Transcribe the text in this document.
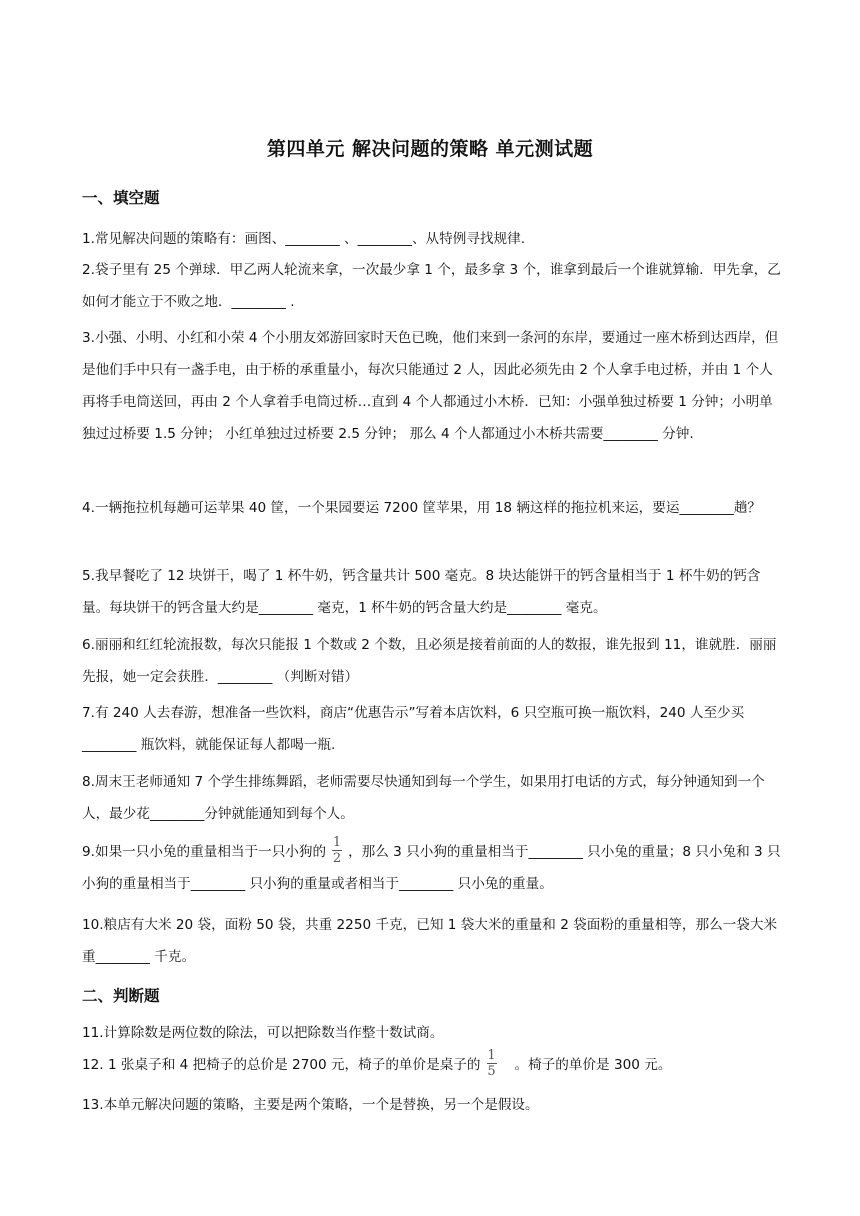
第四单元 解决问题的策略 单元测试题
一、填空题
1.常见解决问题的策略有：画图、________ 、________、从特例寻找规律.
2.袋子里有 25 个弹球．甲乙两人轮流来拿，一次最少拿 1 个，最多拿 3 个，谁拿到最后一个谁就算输．甲先拿，乙如何才能立于不败之地．________ .
3.小强、小明、小红和小荣 4 个小朋友郊游回家时天色已晚，他们来到一条河的东岸，要通过一座木桥到达西岸，但是他们手中只有一盏手电，由于桥的承重量小，每次只能通过 2 人，因此必须先由 2 个人拿手电过桥，并由 1 个人再将手电筒送回，再由 2 个人拿着手电筒过桥…直到 4 个人都通过小木桥．已知：小强单独过桥要 1 分钟；小明单独过过桥要 1.5 分钟； 小红单独过过桥要 2.5 分钟； 那么 4 个人都通过小木桥共需要________ 分钟.
4.一辆拖拉机每趟可运苹果 40 筐，一个果园要运 7200 筐苹果，用 18 辆这样的拖拉机来运，要运________趟？
5.我早餐吃了 12 块饼干，喝了 1 杯牛奶，钙含量共计 500 毫克。8 块达能饼干的钙含量相当于 1 杯牛奶的钙含量。每块饼干的钙含量大约是________ 毫克，1 杯牛奶的钙含量大约是________ 毫克。
6.丽丽和红红轮流报数，每次只能报 1 个数或 2 个数，且必须是接着前面的人的数报，谁先报到 11，谁就胜．丽丽先报，她一定会获胜．________ （判断对错）
7.有 240 人去春游，想准备一些饮料，商店“优惠告示”写着本店饮料，6 只空瓶可换一瓶饮料，240 人至少买________ 瓶饮料，就能保证每人都喝一瓶.
8.周末王老师通知 7 个学生排练舞蹈，老师需要尽快通知到每一个学生，如果用打电话的方式，每分钟通知到一个人，最少花________分钟就能通知到每个人。
9.如果一只小兔的重量相当于一只小狗的 $\frac{1}{2}$ ，那么 3 只小狗的重量相当于________ 只小兔的重量；8 只小兔和 3 只小狗的重量相当于________ 只小狗的重量或者相当于________ 只小兔的重量。
10.粮店有大米 20 袋，面粉 50 袋，共重 2250 千克，已知 1 袋大米的重量和 2 袋面粉的重量相等，那么一袋大米重________ 千克。
二、判断题
11.计算除数是两位数的除法，可以把除数当作整十数试商。
12. 1 张桌子和 4 把椅子的总价是 2700 元，椅子的单价是桌子的 $\frac{1}{5}$ 。椅子的单价是 300 元。
13.本单元解决问题的策略，主要是两个策略，一个是替换，另一个是假设。
